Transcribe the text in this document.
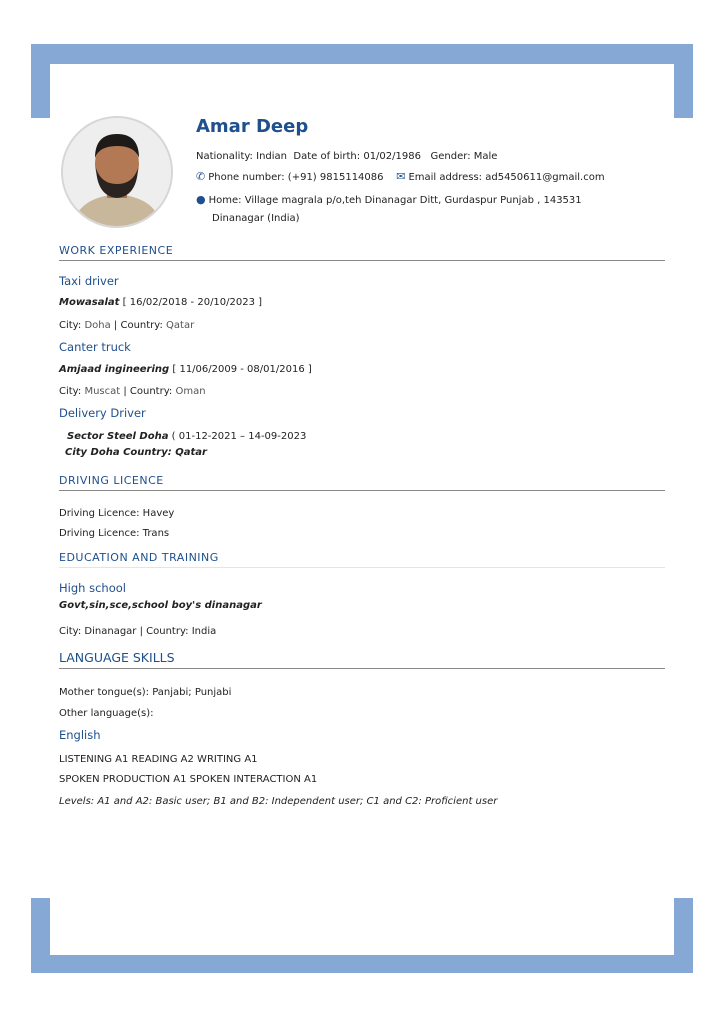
Amar Deep
Nationality: Indian Date of birth: 01/02/1986 Gender: Male
✆ Phone number: (+91) 9815114086 ✉ Email address: ad5450611@gmail.com
● Home: Village magrala p/o,teh Dinanagar Ditt, Gurdaspur Punjab , 143531
Dinanagar (India)
WORK EXPERIENCE
Taxi driver
Mowasalat [ 16/02/2018 - 20/10/2023 ]
City: Doha | Country: Qatar
Canter truck
Amjaad ingineering [ 11/06/2009 - 08/01/2016 ]
City: Muscat | Country: Oman
Delivery Driver
Sector Steel Doha ( 01-12-2021 – 14-09-2023
City Doha Country: Qatar
DRIVING LICENCE
Driving Licence: Havey
Driving Licence: Trans
EDUCATION AND TRAINING
High school
Govt,sin,sce,school boy's dinanagar
City: Dinanagar | Country: India
LANGUAGE SKILLS
Mother tongue(s): Panjabi; Punjabi
Other language(s):
English
LISTENING A1 READING A2 WRITING A1
SPOKEN PRODUCTION A1 SPOKEN INTERACTION A1
Levels: A1 and A2: Basic user; B1 and B2: Independent user; C1 and C2: Proficient user
